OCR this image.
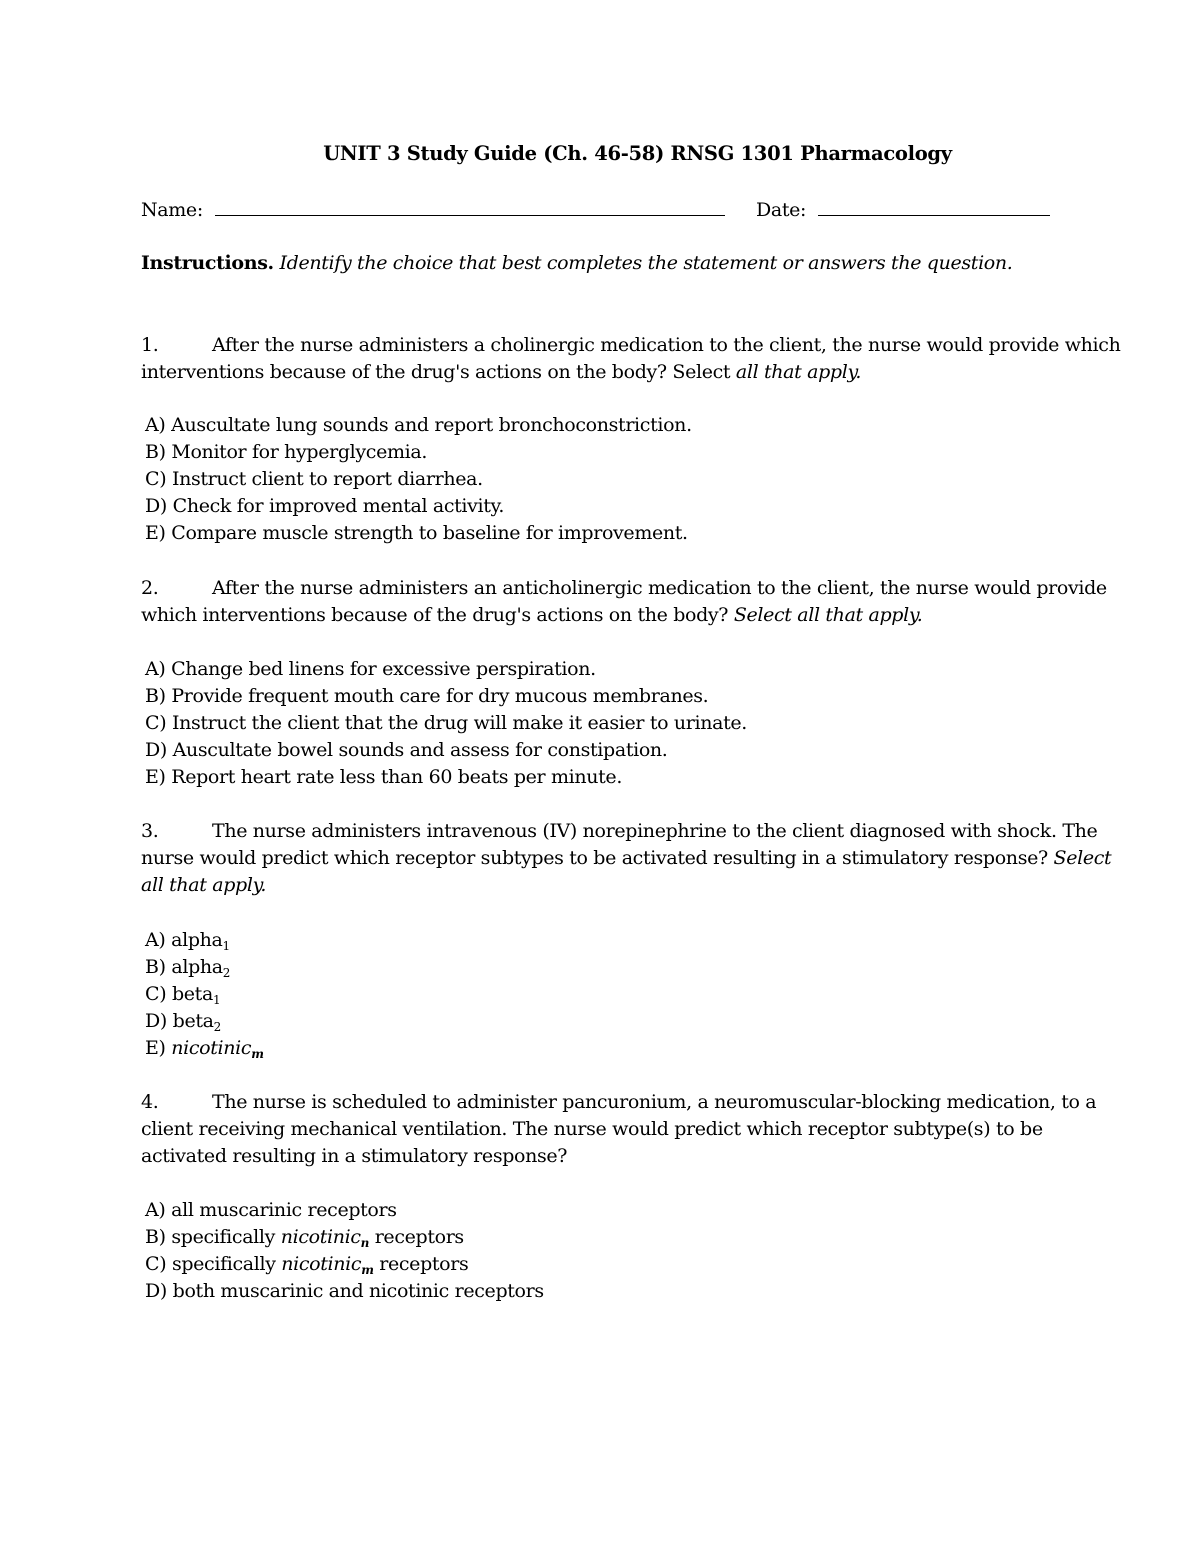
UNIT 3 Study Guide (Ch. 46-58) RNSG 1301 Pharmacology
Name:	Date:
Instructions. Identify the choice that best completes the statement or answers the question.
1.	After the nurse administers a cholinergic medication to the client, the nurse would provide which
interventions because of the drug's actions on the body? Select all that apply.
A) Auscultate lung sounds and report bronchoconstriction.
B) Monitor for hyperglycemia.
C) Instruct client to report diarrhea.
D) Check for improved mental activity.
E) Compare muscle strength to baseline for improvement.
2.	After the nurse administers an anticholinergic medication to the client, the nurse would provide
which interventions because of the drug's actions on the body? Select all that apply.
A) Change bed linens for excessive perspiration.
B) Provide frequent mouth care for dry mucous membranes.
C) Instruct the client that the drug will make it easier to urinate.
D) Auscultate bowel sounds and assess for constipation.
E) Report heart rate less than 60 beats per minute.
3.	The nurse administers intravenous (IV) norepinephrine to the client diagnosed with shock. The
nurse would predict which receptor subtypes to be activated resulting in a stimulatory response? Select
all that apply.
A) alpha$_1$
B) alpha$_2$
C) beta$_1$
D) beta$_2$
E) nicotinic$_m$
4.	The nurse is scheduled to administer pancuronium, a neuromuscular-blocking medication, to a
client receiving mechanical ventilation. The nurse would predict which receptor subtype(s) to be
activated resulting in a stimulatory response?
A) all muscarinic receptors
B) specifically nicotinic$_n$ receptors
C) specifically nicotinic$_m$ receptors
D) both muscarinic and nicotinic receptors
